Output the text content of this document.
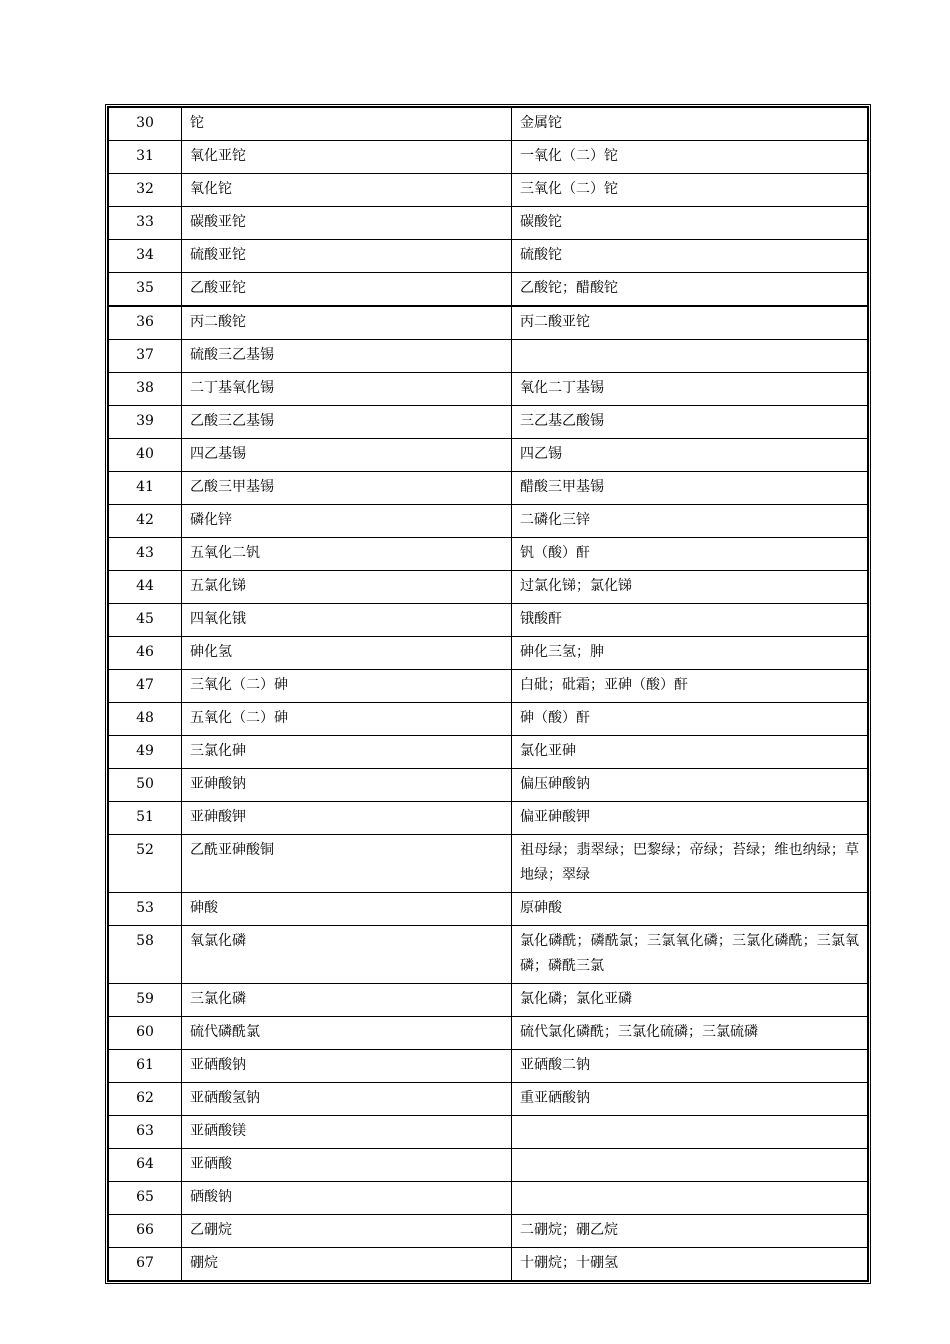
30	铊	金属铊
31	氧化亚铊	一氧化（二）铊
32	氧化铊	三氧化（二）铊
33	碳酸亚铊	碳酸铊
34	硫酸亚铊	硫酸铊
35	乙酸亚铊	乙酸铊；醋酸铊
36	丙二酸铊	丙二酸亚铊
37	硫酸三乙基锡	
38	二丁基氧化锡	氧化二丁基锡
39	乙酸三乙基锡	三乙基乙酸锡
40	四乙基锡	四乙锡
41	乙酸三甲基锡	醋酸三甲基锡
42	磷化锌	二磷化三锌
43	五氧化二钒	钒（酸）酐
44	五氯化锑	过氯化锑；氯化锑
45	四氧化锇	锇酸酐
46	砷化氢	砷化三氢；胂
47	三氧化（二）砷	白砒；砒霜；亚砷（酸）酐
48	五氧化（二）砷	砷（酸）酐
49	三氯化砷	氯化亚砷
50	亚砷酸钠	偏压砷酸钠
51	亚砷酸钾	偏亚砷酸钾
52	乙酰亚砷酸铜	祖母绿；翡翠绿；巴黎绿；帝绿；苔绿；维也纳绿；草地绿；翠绿
53	砷酸	原砷酸
58	氧氯化磷	氯化磷酰；磷酰氯；三氯氧化磷；三氯化磷酰；三氯氧磷；磷酰三氯
59	三氯化磷	氯化磷；氯化亚磷
60	硫代磷酰氯	硫代氯化磷酰；三氯化硫磷；三氯硫磷
61	亚硒酸钠	亚硒酸二钠
62	亚硒酸氢钠	重亚硒酸钠
63	亚硒酸镁	
64	亚硒酸	
65	硒酸钠	
66	乙硼烷	二硼烷；硼乙烷
67	硼烷	十硼烷；十硼氢
